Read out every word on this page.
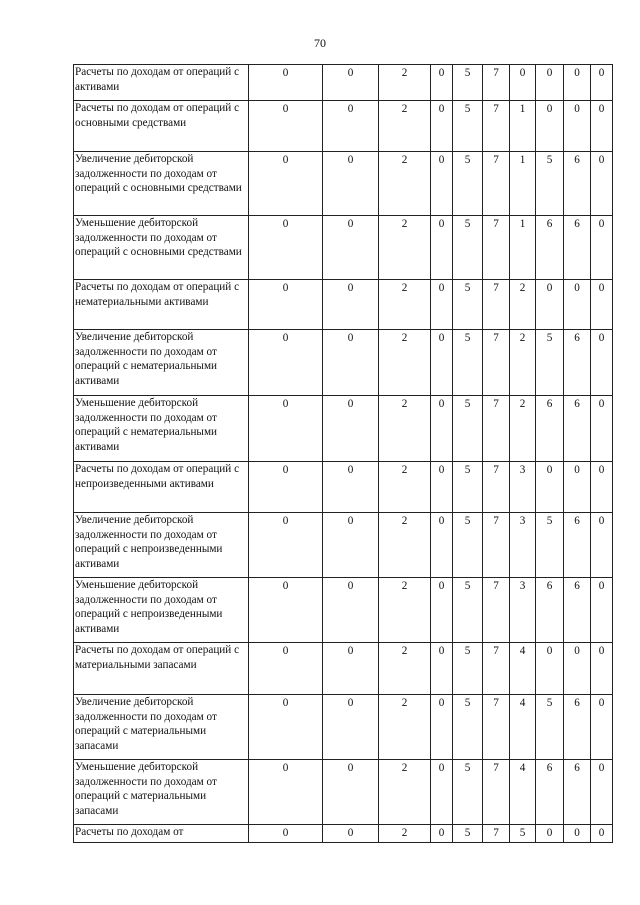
70
Расчеты по доходам от операций с активами	0	0	2	0	5	7	0	0	0	0
Расчеты по доходам от операций с основными средствами	0	0	2	0	5	7	1	0	0	0
Увеличение дебиторской задолженности по доходам от операций с основными средствами	0	0	2	0	5	7	1	5	6	0
Уменьшение дебиторской задолженности по доходам от операций с основными средствами	0	0	2	0	5	7	1	6	6	0
Расчеты по доходам от операций с нематериальными активами	0	0	2	0	5	7	2	0	0	0
Увеличение дебиторской задолженности по доходам от операций с нематериальными активами	0	0	2	0	5	7	2	5	6	0
Уменьшение дебиторской задолженности по доходам от операций с нематериальными активами	0	0	2	0	5	7	2	6	6	0
Расчеты по доходам от операций с непроизведенными активами	0	0	2	0	5	7	3	0	0	0
Увеличение дебиторской задолженности по доходам от операций с непроизведенными активами	0	0	2	0	5	7	3	5	6	0
Уменьшение дебиторской задолженности по доходам от операций с непроизведенными активами	0	0	2	0	5	7	3	6	6	0
Расчеты по доходам от операций с материальными запасами	0	0	2	0	5	7	4	0	0	0
Увеличение дебиторской задолженности по доходам от операций с материальными запасами	0	0	2	0	5	7	4	5	6	0
Уменьшение дебиторской задолженности по доходам от операций с материальными запасами	0	0	2	0	5	7	4	6	6	0
Расчеты по доходам от	0	0	2	0	5	7	5	0	0	0
